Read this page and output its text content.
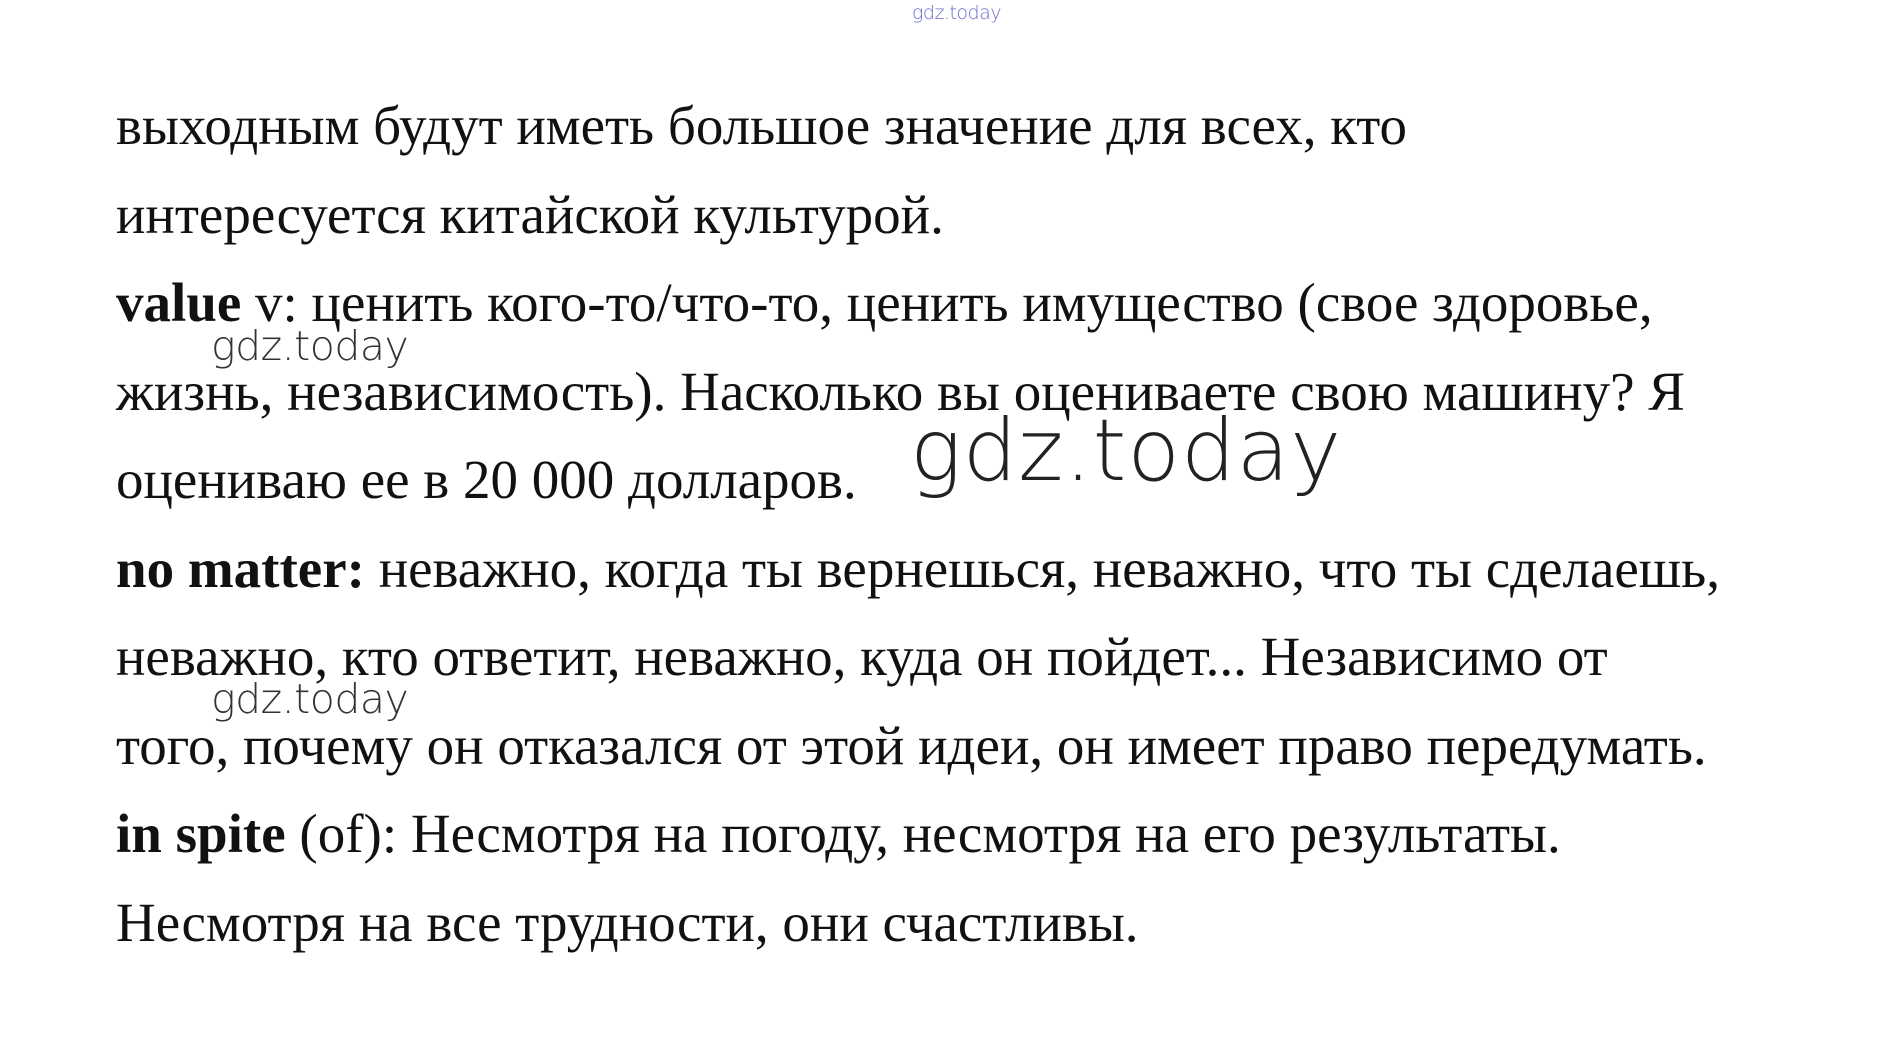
gdz.today
выходным будут иметь большое значение для всех, кто
интересуется китайской культурой.
value v: ценить кого-то/что-то, ценить имущество (свое здоровье,
жизнь, независимость). Насколько вы оцениваете свою машину? Я
оцениваю ее в 20 000 долларов.
no matter: неважно, когда ты вернешься, неважно, что ты сделаешь,
неважно, кто ответит, неважно, куда он пойдет... Независимо от
того, почему он отказался от этой идеи, он имеет право передумать.
in spite (of): Несмотря на погоду, несмотря на его результаты.
Несмотря на все трудности, они счастливы.
gdz.today
gdz.today
gdz.today
